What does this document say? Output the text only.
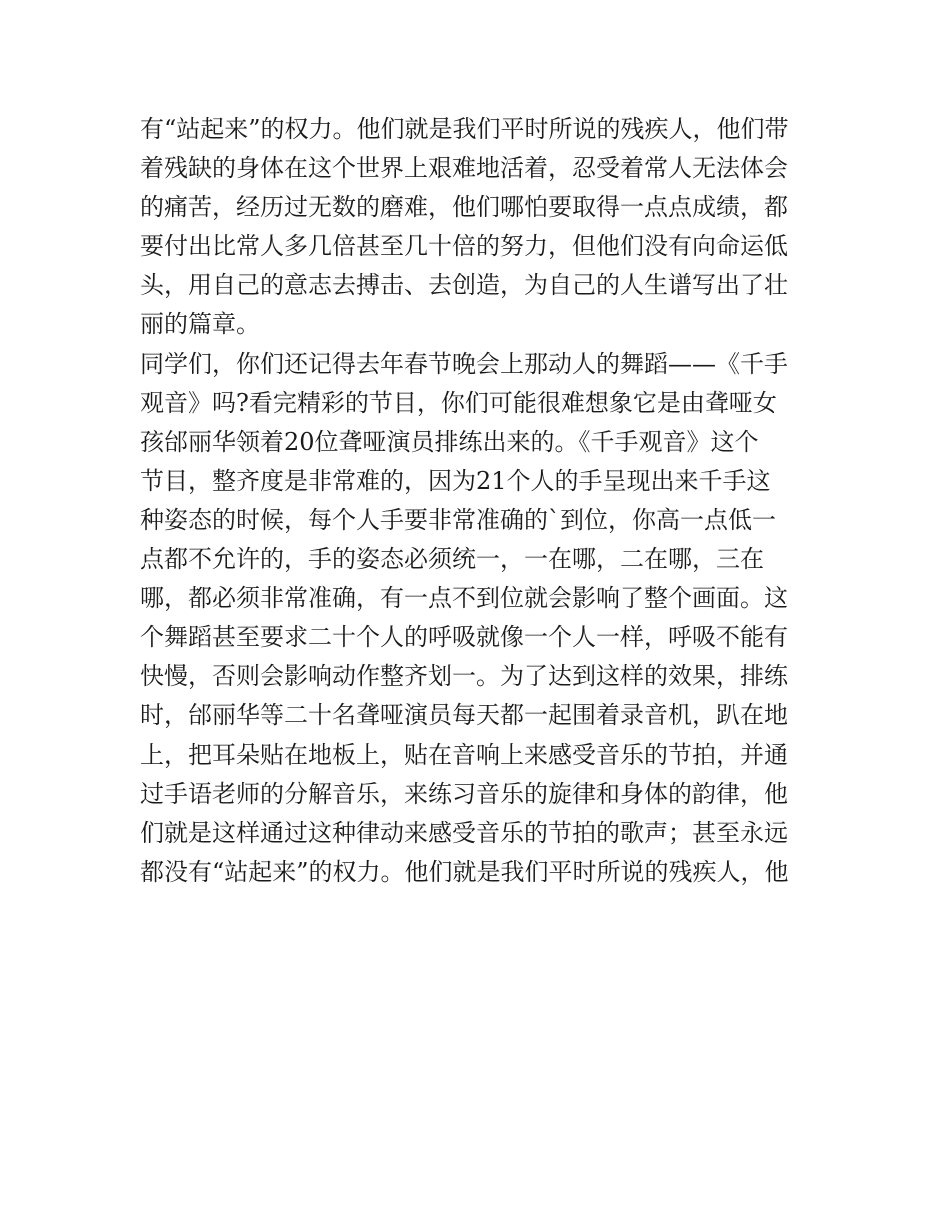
有“站起来”的权力。他们就是我们平时所说的残疾人，他们带
着残缺的身体在这个世界上艰难地活着，忍受着常人无法体会
的痛苦，经历过无数的磨难，他们哪怕要取得一点点成绩，都
要付出比常人多几倍甚至几十倍的努力，但他们没有向命运低
头，用自己的意志去搏击、去创造，为自己的人生谱写出了壮
丽的篇章。
同学们，你们还记得去年春节晚会上那动人的舞蹈——《千手
观音》吗?看完精彩的节目，你们可能很难想象它是由聋哑女
孩邰丽华领着20位聋哑演员排练出来的。《千手观音》这个
节目，整齐度是非常难的，因为21个人的手呈现出来千手这
种姿态的时候，每个人手要非常准确的`到位，你高一点低一
点都不允许的，手的姿态必须统一，一在哪，二在哪，三在
哪，都必须非常准确，有一点不到位就会影响了整个画面。这
个舞蹈甚至要求二十个人的呼吸就像一个人一样，呼吸不能有
快慢，否则会影响动作整齐划一。为了达到这样的效果，排练
时，邰丽华等二十名聋哑演员每天都一起围着录音机，趴在地
上，把耳朵贴在地板上，贴在音响上来感受音乐的节拍，并通
过手语老师的分解音乐，来练习音乐的旋律和身体的韵律，他
们就是这样通过这种律动来感受音乐的节拍的歌声；甚至永远
都没有“站起来”的权力。他们就是我们平时所说的残疾人，他
